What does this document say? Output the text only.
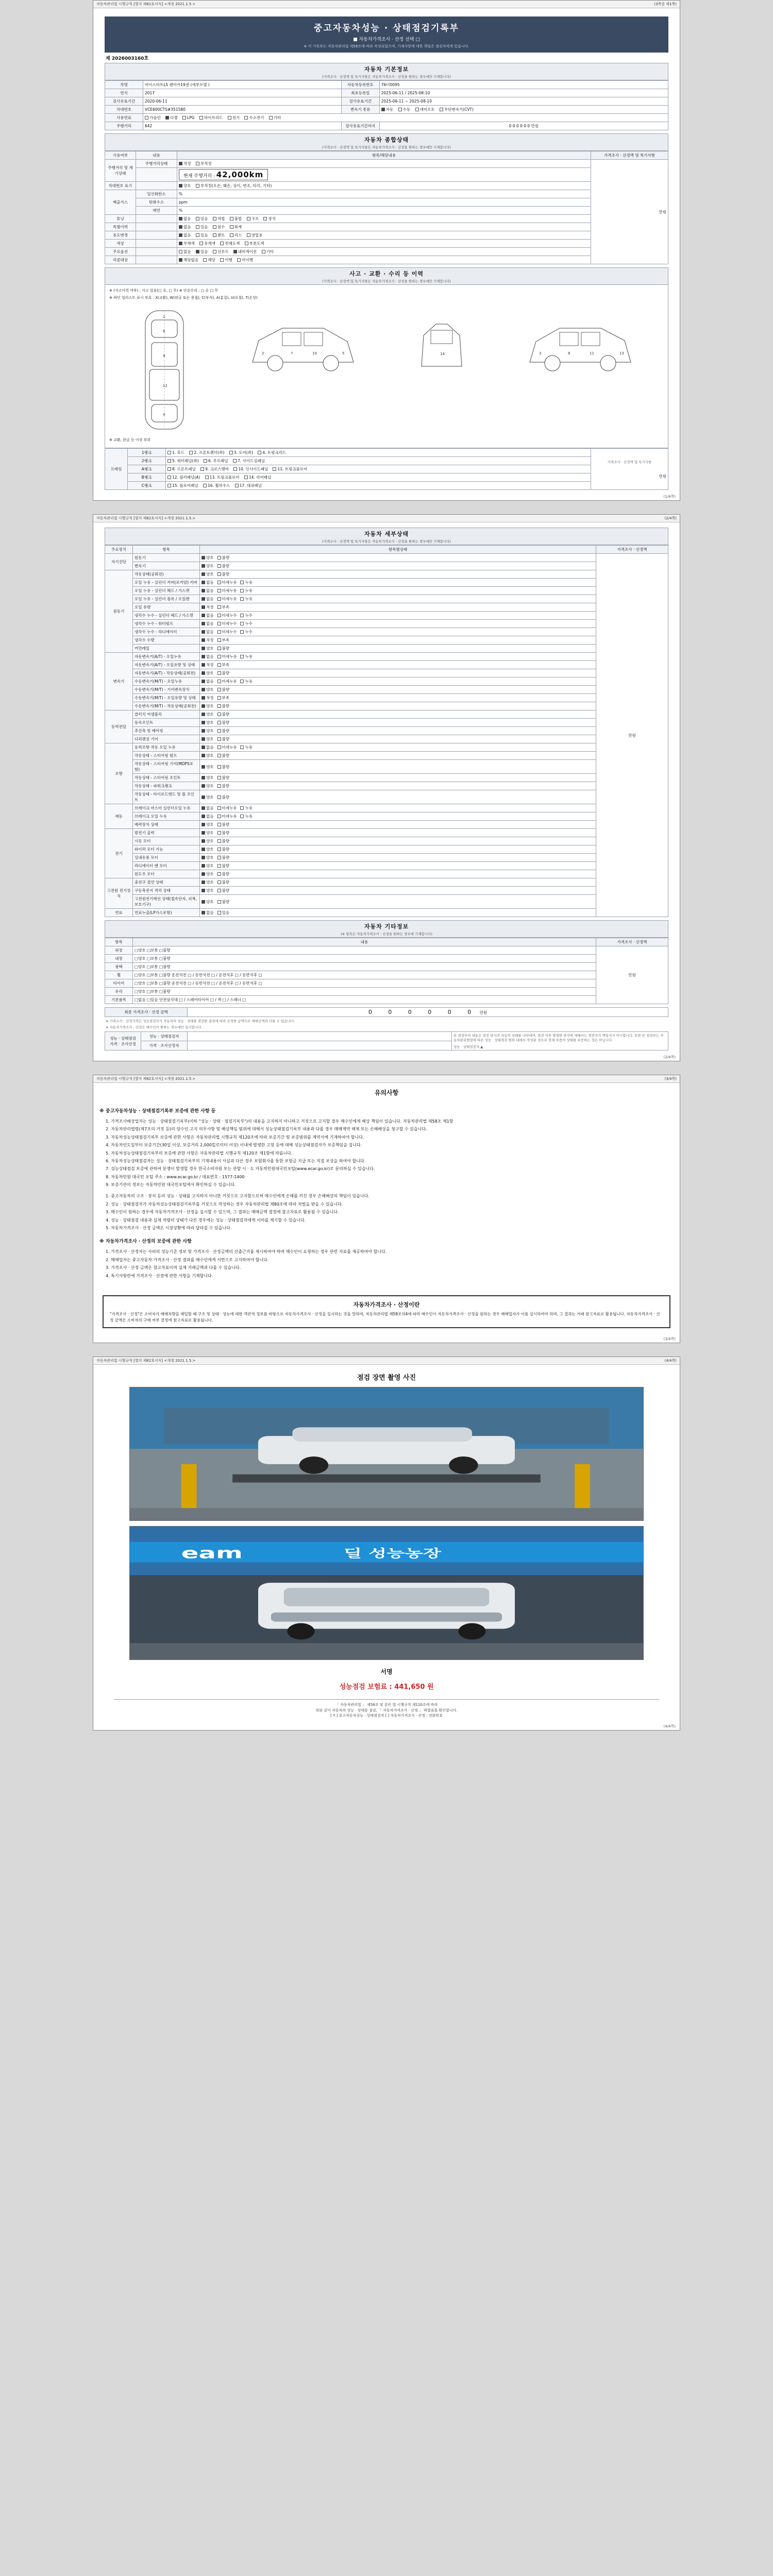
자동차관리법 시행규칙 [별지 제82호서식] <개정 2021.1.5.>	(3쪽중 제1쪽)
중고자동차성능 · 상태점검기록부
■ 자동차가격조사 · 산정 선택 □
※ 이 기록부는 자동차관리법 제58조에 따라 작성되었으며, 기재사항에 대한 책임은 점검자에게 있습니다.
제 2026003160호
자동차 기본정보
(가격조사 · 산정액 및 특기사항은 자동차가격조사 · 산정을 원하는 경우에만 기재합니다)
차명	마이스타트LS 렌터카19센 (세부모델 )	자동차등록번호	76더0095
연식	2017	최초등록일	2025-06-11 / 2025-08-10
검사유효기간	2020-06-11	검사유효기간	2025-06-11 ~ 2025-08-10
차대번호	VCE600CTS#351580	변속기 종류	자동 수동 세미오토 무단변속기(CVT)
사용연료	가솔린 디젤 LPG 하이브리드 전기 수소전기 기타		
주행거리	642	검사유효기간까지	0 0 0 0 0 0 만원
자동차 종합상태
(가격조사 · 산정액 및 특기사항은 자동차가격조사 · 산정을 원하는 경우에만 기재합니다)
사용여부	내용	항목/해당내용	가격조사 · 산정액 및 특기사항
주행거리 및 계기상태	주행거리상태	적정 부적정	만원

		현재 주행거리 : 42,000km	
차대번호 표기		양호 부적정(오손, 훼손, 상이, 변조, 타각, 기타)	
배출가스	일산화탄소	%	
	탄화수소	ppm	
	매연	%	
튜닝		없음 있음 적법 불법 구조 장치	
특별이력		없음 있음 침수 화재	
용도변경		없음 있음 렌트 리스 영업용	
색상		무채색 유채색 전체도색 부분도색	
주요옵션		없음 있음 선루프 내비게이션 기타	
리콜대상		해당없음 해당 이행 미이행	
사고 · 교환 · 수리 등 이력
(가격조사 · 산정액 및 특기사항은 자동차가격조사 · 산정을 원하는 경우에만 기재합니다)
※ (사고이력 여부) : 사고 있음(□ 유, □ 무) ※ 단순수리 : □ 유 □ 무
※ 하단 일러스트 표시 부호 : X(교환), W(판금 또는 용접), C(부식), A(흠집), U(요철), T(손상)
1
6
9
12
4
2	7	10	5	14	3	8	11	13
※ 교환, 판금 등 이상 부위
프레임	1랭크	1. 후드 2. 프론트펜더(좌) 3. 도어(좌) 4. 트렁크리드	가격조사 · 산정액 및 특기사항
만원

	2랭크	5. 쿼터패널(좌) 6. 루프패널 7. 사이드실패널	
	A랭크	8. 프론트패널 9. 크로스멤버 10. 인사이드패널 11. 트렁크플로어	
	B랭크	12. 필러패널(A) 13. 트렁크플로어 14. 리어패널	
	C랭크	15. 플로어패널 16. 휠하우스 17. 대쉬패널	
(1/4쪽)
자동차관리법 시행규칙 [별지 제82호서식] <개정 2021.1.5.>	(2/4쪽)
자동차 세부상태
(가격조사 · 산정액 및 특기사항은 자동차가격조사 · 산정을 원하는 경우에만 기재합니다)
주요장치	항목	항목별상태	가격조사 · 산정액
자기진단	원동기	양호 불량	만원
	변속기	양호 불량	
원동기	작동상태(공회전)	양호 불량	
	오일 누유 - 실린더 커버(로커암) 커버	없음 미세누유 누유	
	오일 누유 - 실린더 헤드 / 가스켓	없음 미세누유 누유	
	오일 누유 - 실린더 블록 / 오일팬	없음 미세누유 누유	
	오일 유량	적정 부족	
	냉각수 누수 - 실린더 헤드 / 가스켓	없음 미세누수 누수	
	냉각수 누수 - 워터펌프	없음 미세누수 누수	
	냉각수 누수 - 라디에이터	없음 미세누수 누수	
	냉각수 수량	적정 부족	
	커먼레일	양호 불량	
변속기	자동변속기(A/T) - 오일누유	없음 미세누유 누유	
	자동변속기(A/T) - 오일유량 및 상태	적정 부족	
	자동변속기(A/T) - 작동상태(공회전)	양호 불량	
	수동변속기(M/T) - 오일누유	없음 미세누유 누유	
	수동변속기(M/T) - 기어변속장치	양호 불량	
	수동변속기(M/T) - 오일유량 및 상태	적정 부족	
	수동변속기(M/T) - 작동상태(공회전)	양호 불량	
동력전달	클러치 어셈블리	양호 불량	
	등속조인트	양호 불량	
	추진축 및 베어링	양호 불량	
	디퍼렌셜 기어	양호 불량	
조향	동력조향 작동 오일 누유	없음 미세누유 누유	
	작동상태 - 스티어링 펌프	양호 불량	
	작동상태 - 스티어링 기어(MDPS포함)	양호 불량	
	작동상태 - 스티어링 조인트	양호 불량	
	작동상태 - 파워크랭크	양호 불량	
	작동상태 - 타이로드엔드 및 볼 조인트	양호 불량	
제동	브레이크 마스터 실린더오일 누유	없음 미세누유 누유	
	브레이크 오일 누유	없음 미세누유 누유	
	배력장치 상태	양호 불량	
전기	발전기 출력	양호 불량	
	시동 모터	양호 불량	
	와이퍼 모터 기능	양호 불량	
	실내송풍 모터	양호 불량	
	라디에이터 팬 모터	양호 불량	
	윈도우 모터	양호 불량	
고전원 전기장치	충전구 절연 상태	양호 불량	
	구동축전지 격리 상태	양호 불량	
	고전원전기배선 상태(접속단자, 피복, 보호기구)	양호 불량	
연료	연료누출(LP가스포함)	없음 있음	
자동차 기타정보
(※ 항목은 자동차가격조사 · 산정을 원하는 경우에 기재합니다)
항목	내용	가격조사 · 산정액
외장	□양호 □보통 □불량	만원
내장	□양호 □보통 □불량	
광택	□양호 □보통 □불량	
휠	□양호 □보통 □불량 운전석전 □ / 동반석전 □ / 운전석후 □ / 동반석후 □	
타이어	□양호 □보통 □불량 운전석전 □ / 동반석전 □ / 운전석후 □ / 동반석후 □	
유리	□양호 □보통 □불량	
기본품목	□없음 □있음 안전삼각대 □ / 스페어타이어 □ / 잭 □ / 스패너 □	
최종 가격조사 · 산정 금액	0 0 0 0 0 0 만원
※ 가격조사 · 산정가격은 성능점검자가 자동차의 성능 · 상태를 점검한 결과에 따라 산정한 금액으로 매매금액과 다를 수 있습니다.
※ 자동차가격조사 · 산정은 매수인이 원하는 경우에만 실시합니다.
성능 · 상태점검
가격 · 조사산정
	성능 · 상태점검자		본 점검부의 내용은 점검 당시의 자동차 상태를 나타내며, 점검 이후 발생한 하자에 대해서는 점검자가 책임지지 아니합니다. 또한 본 점검부는 자동차관리법령에 따른 성능 · 상태점검 범위 내에서 작성된 것으로 전체 부품의 상태를 보증하는 것은 아닙니다.
성능 · 상태점검자 ▲

	가격 · 조사산정자		
(2/4쪽)
자동차관리법 시행규칙 [별지 제82호서식] <개정 2021.1.5.>	(3/4쪽)
유의사항
※ 중고자동차성능 · 상태점검기록부 보증에 관한 사항 등

1. 가격조사배상업자는 성능 · 상태점검기록부(이하 "성능 · 상태 · 점검기록부")의 내용을 고지하지 아니하고 거짓으로 고지할 경우 매수인에게 배상 책임이 있습니다. 자동차관리법 제58조 제1항

2. 자동차관리법령(제7조의 거짓 등)의 양수인 고지 의무사항 및 배상책임 범위에 대해서 성능상태점검기록부 내용과 다를 경우 매매계약 해제 또는 손해배상을 청구할 수 있습니다.

3. 자동차성능상태점검기록부 보증에 관한 사항은 자동차관리법 시행규칙 제120조에 따라 보증기간 및 보증범위를 계약서에 기재하여야 합니다.

4. 자동차인도일부터 보증기간(30일 이상, 보증거리 2,000킬로미터 이상) 이내에 발생한 고장 등에 대해 성능상태점검자가 보증책임을 집니다.

5. 자동차성능상태점검기록부의 보증에 관한 사항은 자동차관리법 시행규칙 제120조 제1항에 따릅니다.

6. 자동차성능상태점검자는 성능 · 상태점검기록부의 기재내용이 사실과 다른 경우 보험회사를 통한 보험금 지급 또는 직접 보상을 하여야 합니다.

7. 성능상태점검 보증에 관하여 분쟁이 발생할 경우 한국소비자원 또는 관할 시 · 도 자동차민원대국민포털(www.ecar.go.kr)로 문의하실 수 있습니다.

8. 자동차민원 대국민 포털 주소 : www.ecar.go.kr / 대표번호 : 1577-1400

9. 보증기관의 정보는 자동차민원 대국민포털에서 확인하실 수 있습니다.

1. 중고자동차의 구조 · 장치 등의 성능 · 상태를 고지하지 아니한 거짓으로 고지함으로써 매수인에게 손해를 끼친 경우 손해배상의 책임이 있습니다.

2. 성능 · 상태점검자가 자동차성능상태점검기록부를 거짓으로 작성하는 경우 자동차관리법 제80조에 따라 처벌을 받을 수 있습니다.

3. 매수인이 원하는 경우에 자동차가격조사 · 산정을 실시할 수 있으며, 그 결과는 매매금액 결정에 참고자료로 활용될 수 있습니다.

4. 성능 · 상태점검 내용과 실제 차량의 상태가 다른 경우에는 성능 · 상태점검자에게 이의를 제기할 수 있습니다.

5. 자동차가격조사 · 산정 금액은 시장상황에 따라 달라질 수 있습니다.

※ 자동차가격조사 · 산정의 보증에 관한 사항

1. 가격조사 · 산정자는 사비의 성능기준 정보 및 가격조사 · 산정금액의 산출근거를 제시하여야 하며 매수인이 요청하는 경우 관련 자료를 제공하여야 합니다.

2. 매매업자는 중고자동차 가격조사 · 산정 결과를 매수인에게 서면으로 고지하여야 합니다.

3. 가격조사 · 산정 금액은 참고자료이며 실제 거래금액과 다를 수 있습니다.

4. 특기사항란에 가격조사 · 산정에 관한 사항을 기재합니다.

자동차가격조사 · 산정이란
"가격조사 · 산정"은 소비자가 매매차량을 매입할 때 구조 및 상태 · 성능에 대한 객관적 정보를 바탕으로 자동차가격조사 · 산정을 실시하는 것을 말하며, 자동차관리법 제58조의4에 따라 매수인이 자동차가격조사 · 산정을 원하는 경우 매매업자가 이를 실시하여야 하며, 그 결과는 거래 참고자료로 활용됩니다. 자동차가격조사 · 산정 금액은 소비자의 구매 여부 결정에 참고자료로 활용됩니다.
(3/4쪽)
자동차관리법 시행규칙 [별지 제82호서식] <개정 2021.1.5.>	(4/4쪽)
점검 장면 촬영 사진
eam	딜 성능농장
서명
성능점검 보험료 : 441,650 원
「 자동차관리법 」 제58조 및 같은 법 시행규칙 제120조에 따라
위와 같이 자동차의 성능 · 상태를 점검, 「 자동차가격조사 · 산정 」 하였음을 확인합니다.
[ Y ] 중고자동차성능 · 상태점검자 [ ] 자동차가격조사 · 산정 : 전화번호
(4/4쪽)
